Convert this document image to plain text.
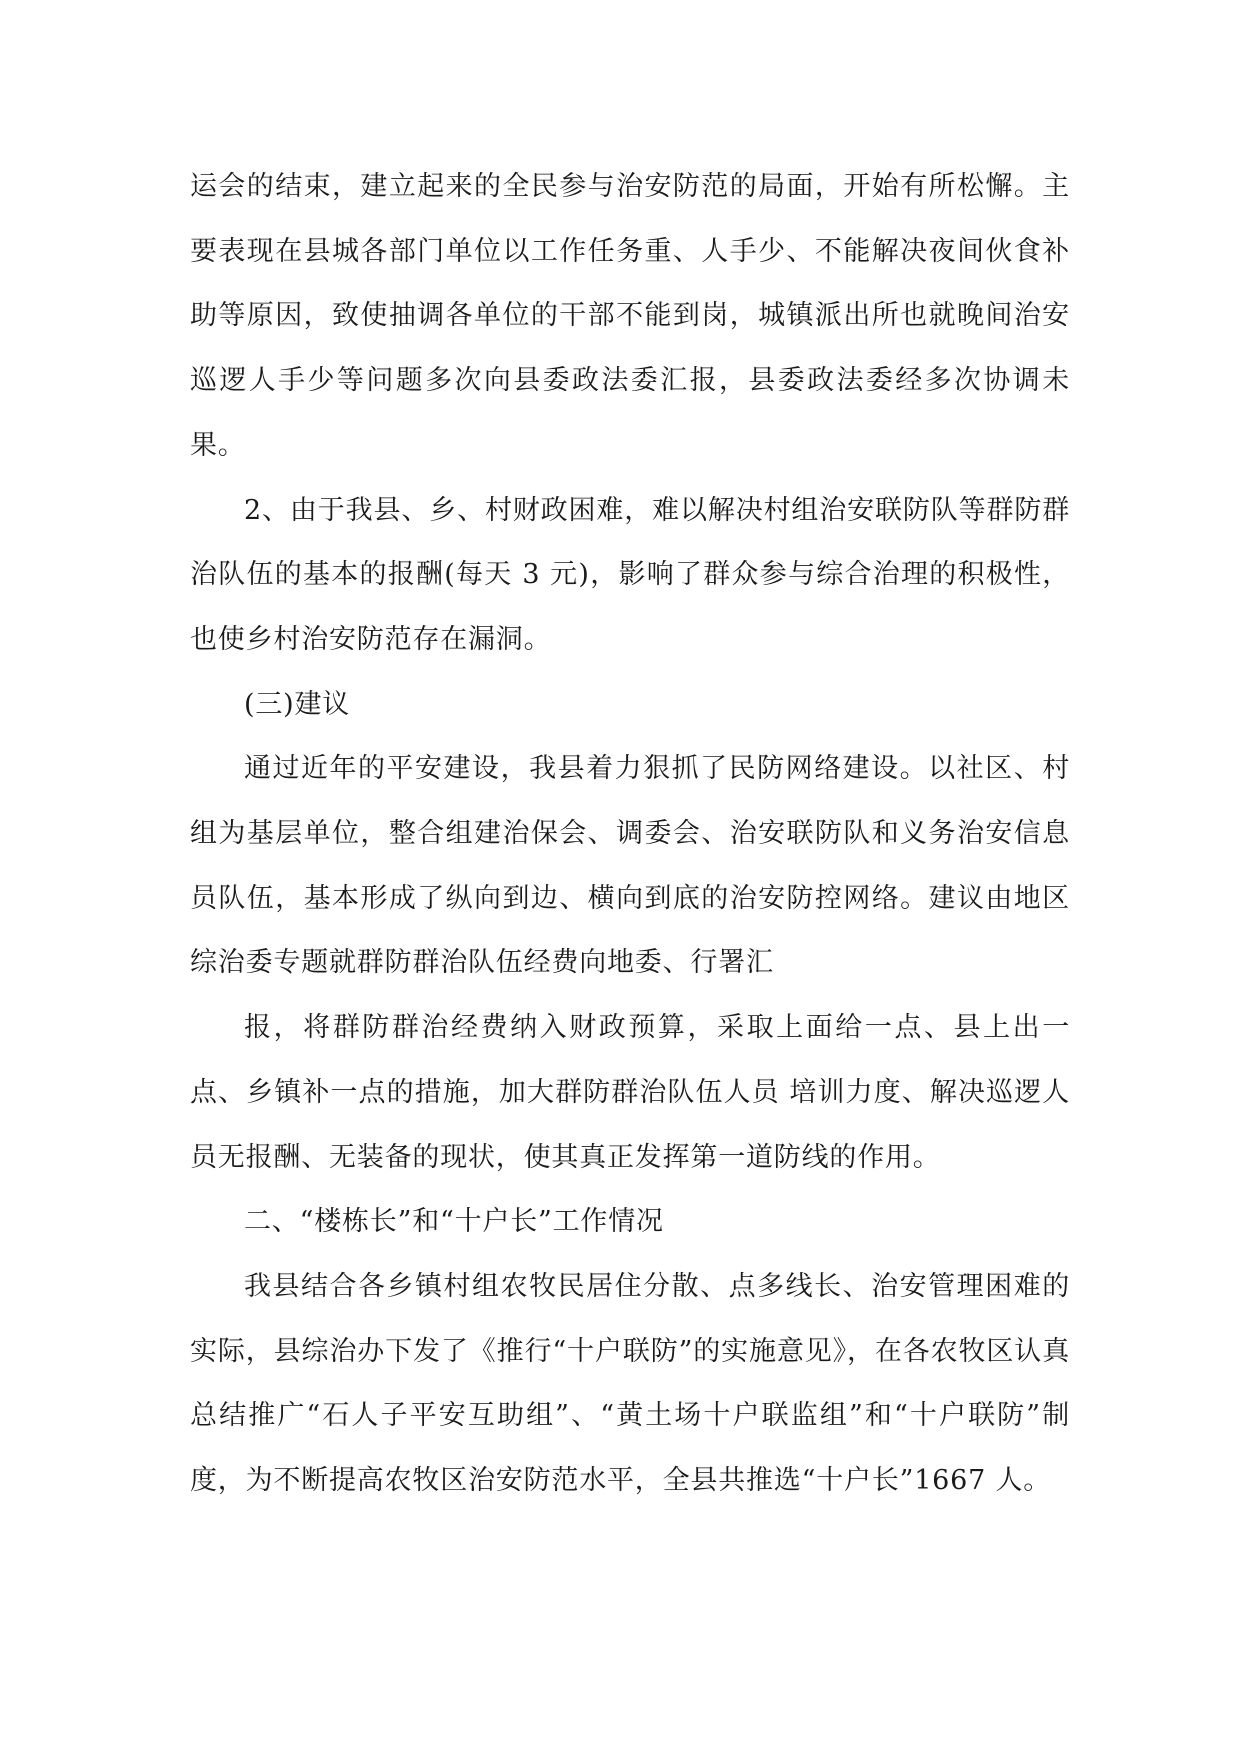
运会的结束，建立起来的全民参与治安防范的局面，开始有所松懈。主要表现在县城各部门单位以工作任务重、人手少、不能解决夜间伙食补助等原因，致使抽调各单位的干部不能到岗，城镇派出所也就晚间治安巡逻人手少等问题多次向县委政法委汇报，县委政法委经多次协调未果。

2、由于我县、乡、村财政困难，难以解决村组治安联防队等群防群治队伍的基本的报酬(每天 3 元)，影响了群众参与综合治理的积极性，也使乡村治安防范存在漏洞。

(三)建议

通过近年的平安建设，我县着力狠抓了民防网络建设。以社区、村组为基层单位，整合组建治保会、调委会、治安联防队和义务治安信息员队伍，基本形成了纵向到边、横向到底的治安防控网络。建议由地区综治委专题就群防群治队伍经费向地委、行署汇

报，将群防群治经费纳入财政预算，采取上面给一点、县上出一点、乡镇补一点的措施，加大群防群治队伍人员 培训力度、解决巡逻人员无报酬、无装备的现状，使其真正发挥第一道防线的作用。

二、“楼栋长”和“十户长”工作情况

我县结合各乡镇村组农牧民居住分散、点多线长、治安管理困难的实际，县综治办下发了《推行“十户联防”的实施意见》，在各农牧区认真总结推广“石人子平安互助组”、“黄土场十户联监组”和“十户联防”制度，为不断提高农牧区治安防范水平，全县共推选“十户长”1667 人。
